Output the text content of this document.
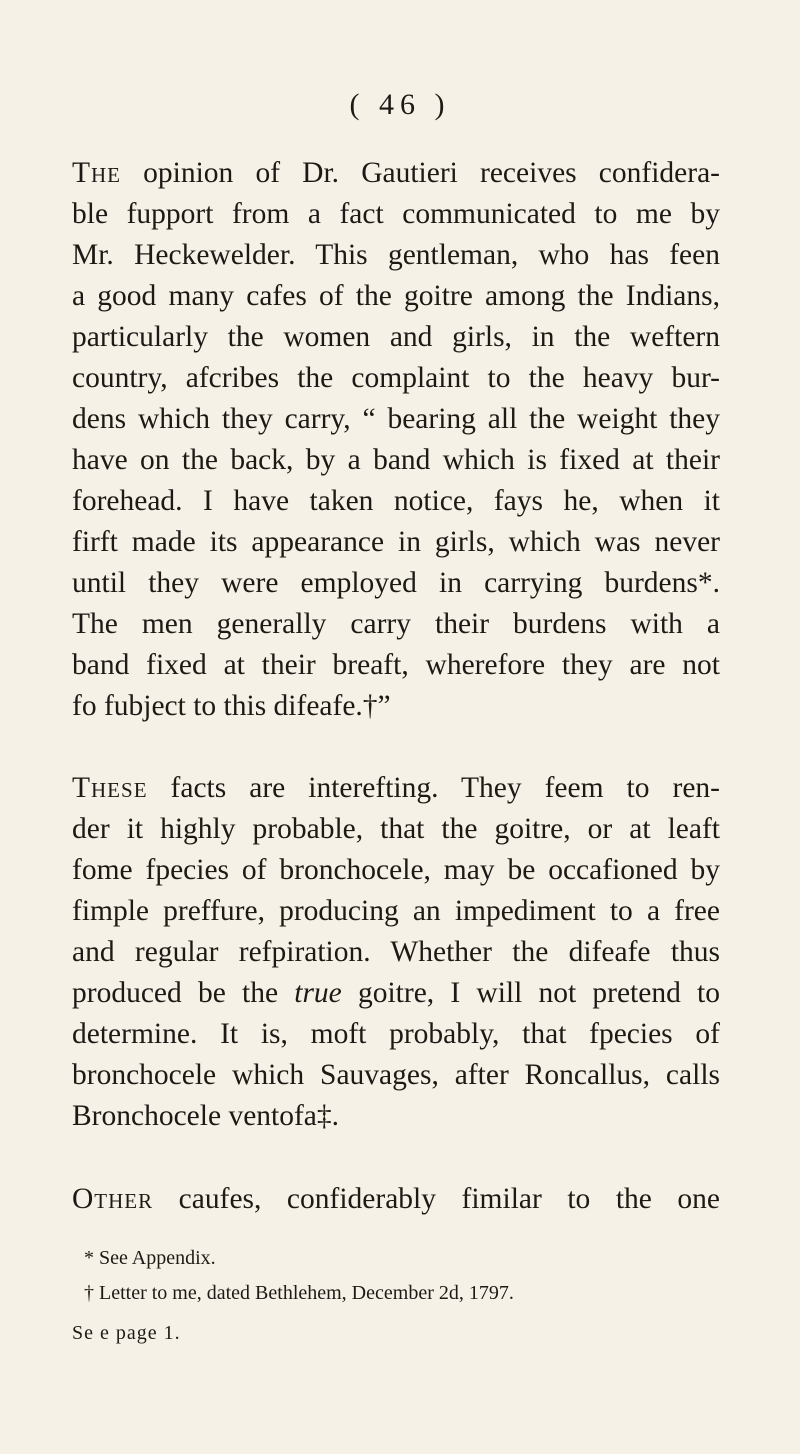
( 46 )
The opinion of Dr. Gautieri receives confidera-
ble fupport from a fact communicated to me by
Mr. Heckewelder. This gentleman, who has feen
a good many cafes of the goitre among the Indians,
particularly the women and girls, in the weftern
country, afcribes the complaint to the heavy bur-
dens which they carry, “ bearing all the weight they
have on the back, by a band which is fixed at their
forehead. I have taken notice, fays he, when it
firft made its appearance in girls, which was never
until they were employed in carrying burdens*.
The men generally carry their burdens with a
band fixed at their breaft, wherefore they are not
fo fubject to this difeafe.†”
These facts are interefting. They feem to ren-
der it highly probable, that the goitre, or at leaft
fome fpecies of bronchocele, may be occafioned by
fimple preffure, producing an impediment to a free
and regular refpiration. Whether the difeafe thus
produced be the true goitre, I will not pretend to
determine. It is, moft probably, that fpecies of
bronchocele which Sauvages, after Roncallus, calls
Bronchocele ventofa‡.
Other caufes, confiderably fimilar to the one
* See Appendix.
† Letter to me, dated Bethlehem, December 2d, 1797.
Se e page 1.
